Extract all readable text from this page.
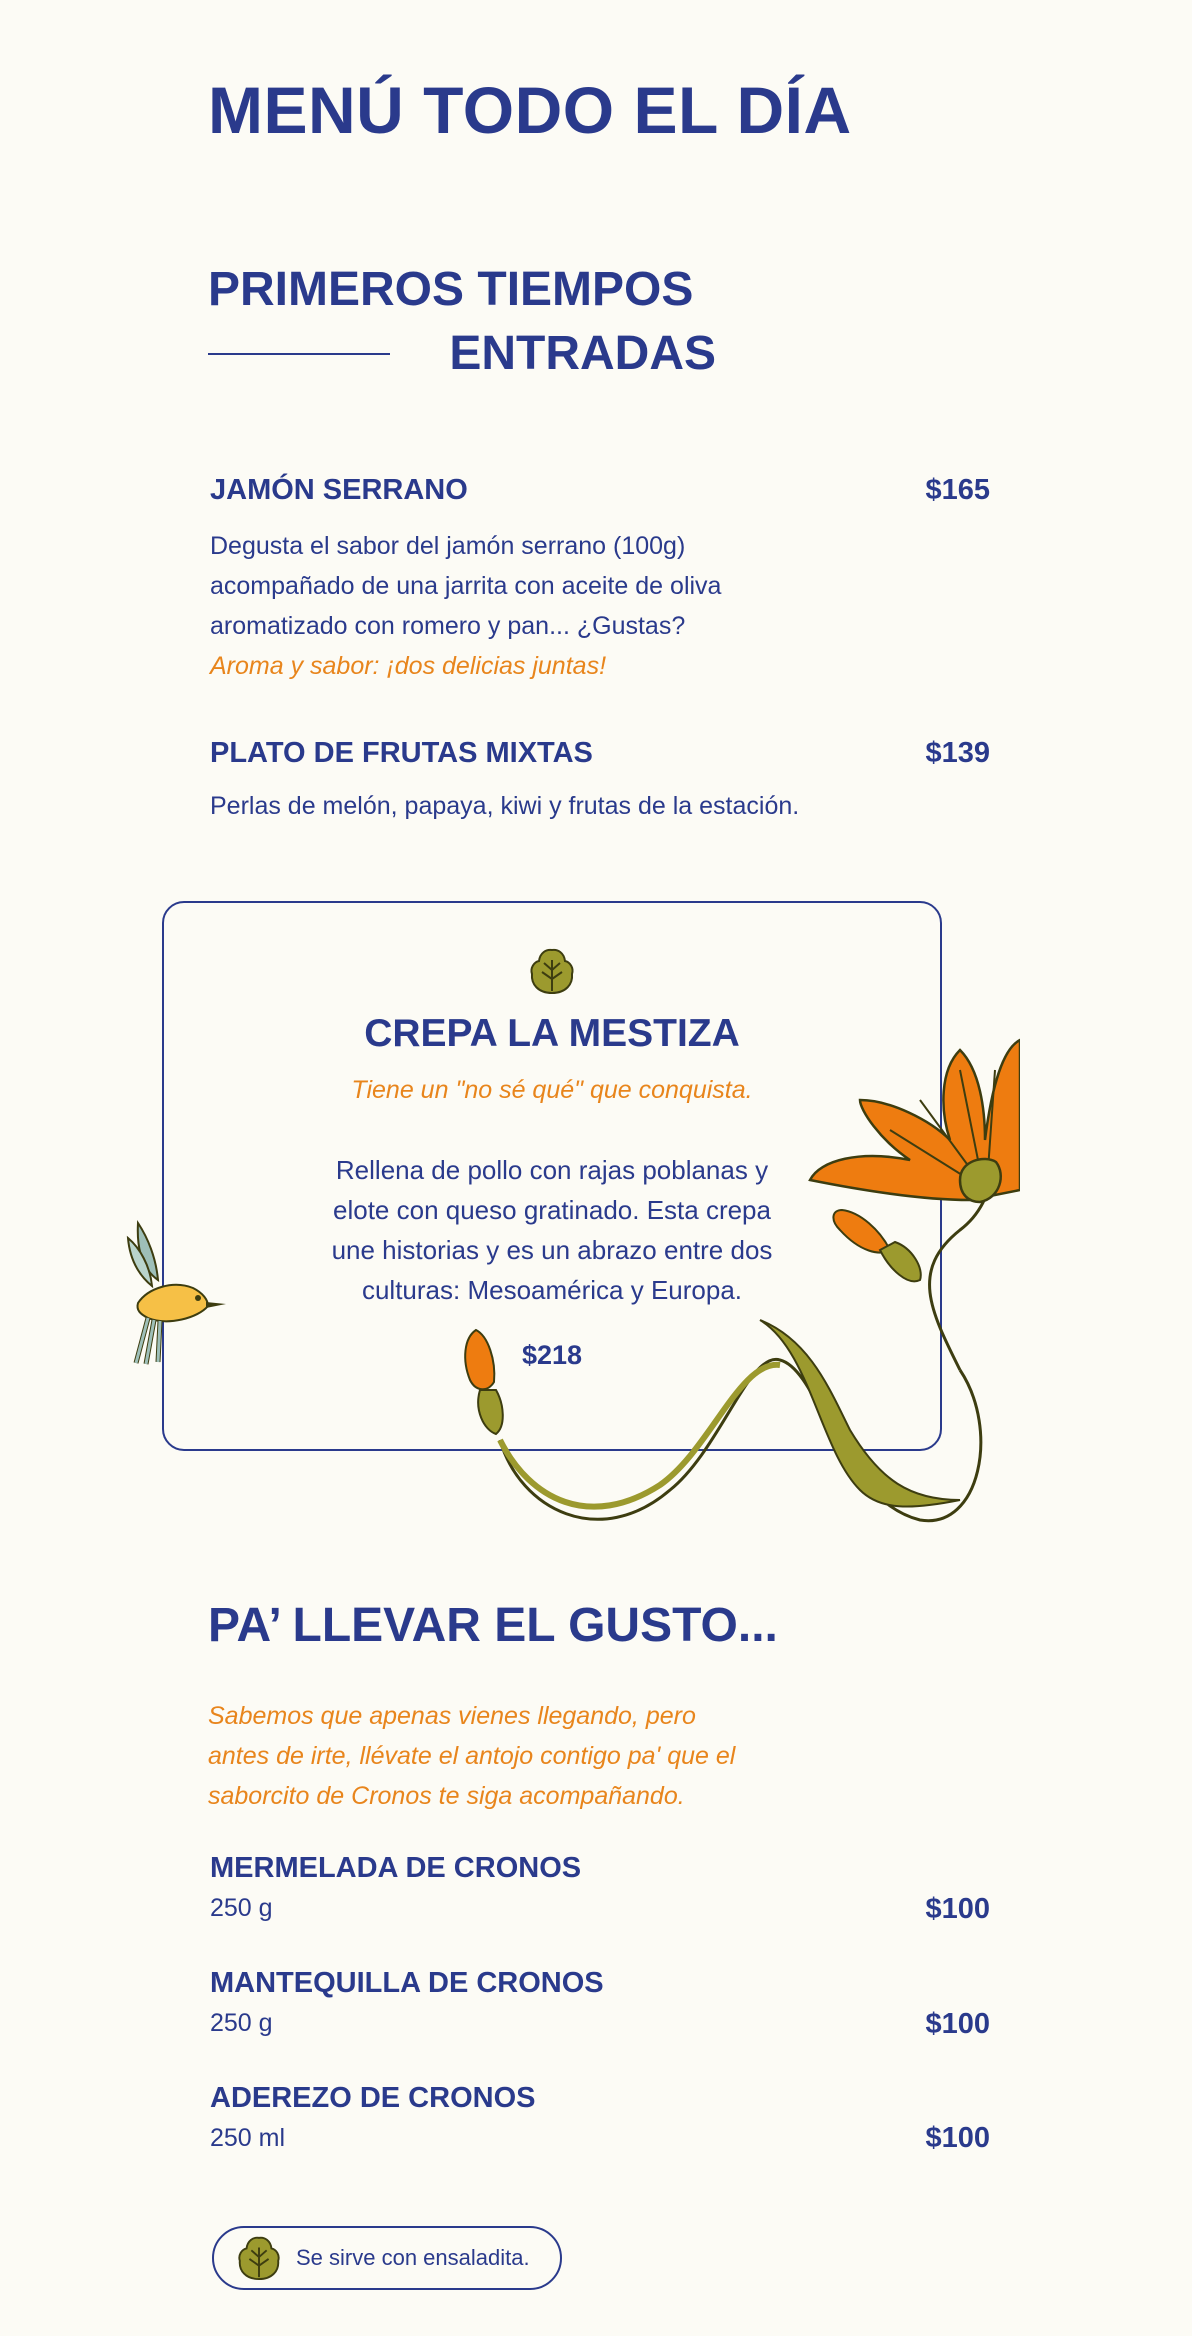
MENÚ TODO EL DÍA
PRIMEROS TIEMPOS
ENTRADAS
JAMÓN SERRANO	$165
Degusta el sabor del jamón serrano (100g)
acompañado de una jarrita con aceite de oliva
aromatizado con romero y pan... ¿Gustas?
Aroma y sabor: ¡dos delicias juntas!
PLATO DE FRUTAS MIXTAS	$139
Perlas de melón, papaya, kiwi y frutas de la estación.
CREPA LA MESTIZA
Tiene un "no sé qué" que conquista.
Rellena de pollo con rajas poblanas y
elote con queso gratinado. Esta crepa
une historias y es un abrazo entre dos
culturas: Mesoamérica y Europa.
$218
PA’ LLEVAR EL GUSTO...
Sabemos que apenas vienes llegando, pero
antes de irte, llévate el antojo contigo pa' que el
saborcito de Cronos te siga acompañando.
MERMELADA DE CRONOS
250 g	$100
MANTEQUILLA DE CRONOS
250 g	$100
ADEREZO DE CRONOS
250 ml	$100
Se sirve con ensaladita.
